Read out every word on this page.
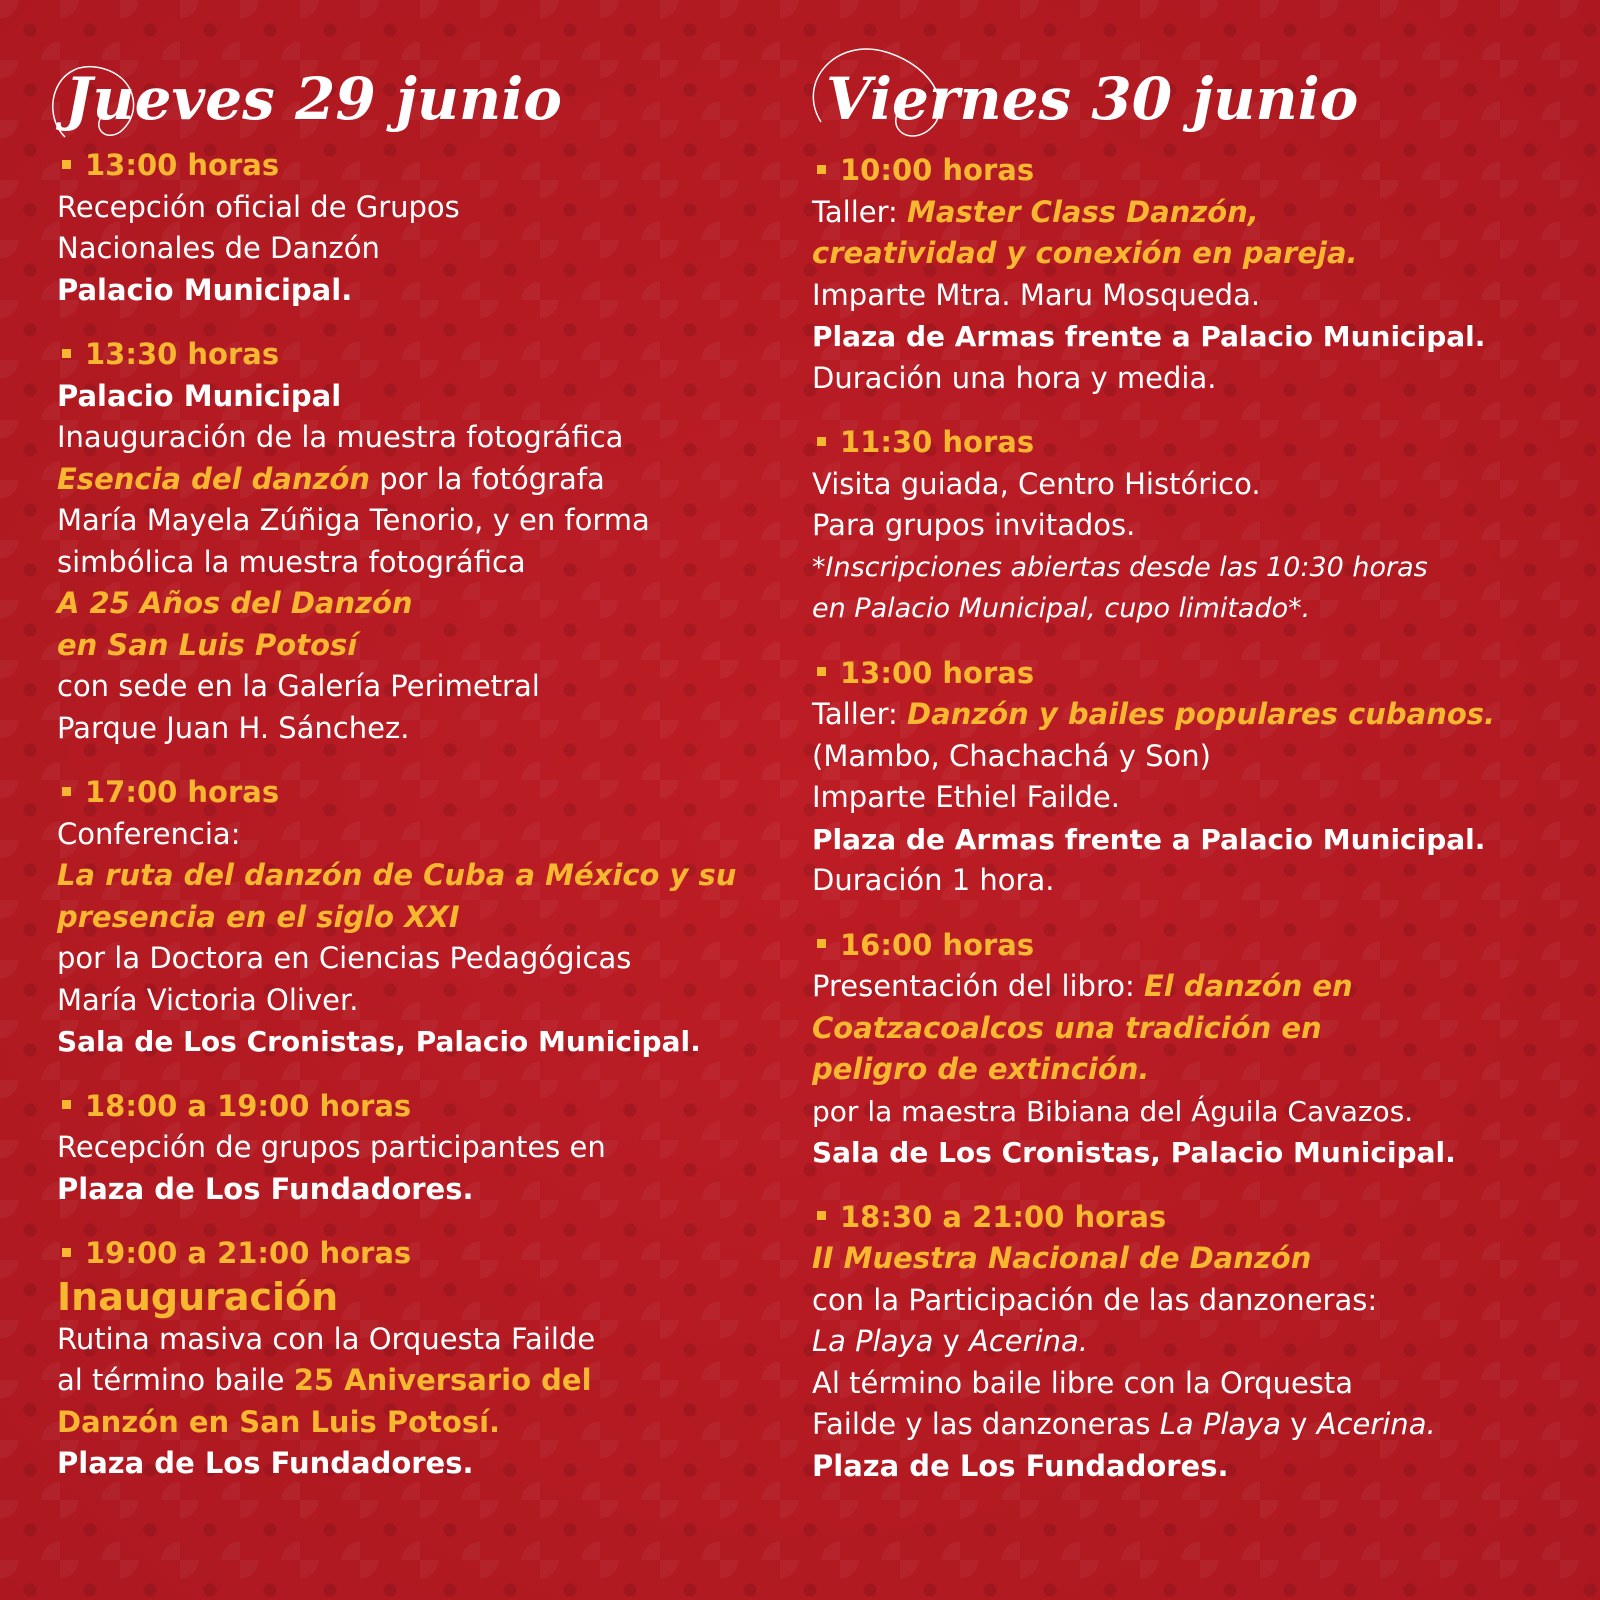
Jueves 29 junio
13:00 horas
Recepción oficial de Grupos
Nacionales de Danzón
Palacio Municipal.
13:30 horas
Palacio Municipal
Inauguración de la muestra fotográfica
Esencia del danzón por la fotógrafa
María Mayela Zúñiga Tenorio, y en forma
simbólica la muestra fotográfica
A 25 Años del Danzón
en San Luis Potosí
con sede en la Galería Perimetral
Parque Juan H. Sánchez.
17:00 horas
Conferencia:
La ruta del danzón de Cuba a México y su
presencia en el siglo XXI
por la Doctora en Ciencias Pedagógicas
María Victoria Oliver.
Sala de Los Cronistas, Palacio Municipal.
18:00 a 19:00 horas
Recepción de grupos participantes en
Plaza de Los Fundadores.
19:00 a 21:00 horas
Inauguración
Rutina masiva con la Orquesta Failde
al término baile 25 Aniversario del
Danzón en San Luis Potosí.
Plaza de Los Fundadores.
Viernes 30 junio
10:00 horas
Taller: Master Class Danzón,
creatividad y conexión en pareja.
Imparte Mtra. Maru Mosqueda.
Plaza de Armas frente a Palacio Municipal.
Duración una hora y media.
11:30 horas
Visita guiada, Centro Histórico.
Para grupos invitados.
*Inscripciones abiertas desde las 10:30 horas
en Palacio Municipal, cupo limitado*.
13:00 horas
Taller: Danzón y bailes populares cubanos.
(Mambo, Chachachá y Son)
Imparte Ethiel Failde.
Plaza de Armas frente a Palacio Municipal.
Duración 1 hora.
16:00 horas
Presentación del libro: El danzón en
Coatzacoalcos una tradición en
peligro de extinción.
por la maestra Bibiana del Águila Cavazos.
Sala de Los Cronistas, Palacio Municipal.
18:30 a 21:00 horas
II Muestra Nacional de Danzón
con la Participación de las danzoneras:
La Playa y Acerina.
Al término baile libre con la Orquesta
Failde y las danzoneras La Playa y Acerina.
Plaza de Los Fundadores.
